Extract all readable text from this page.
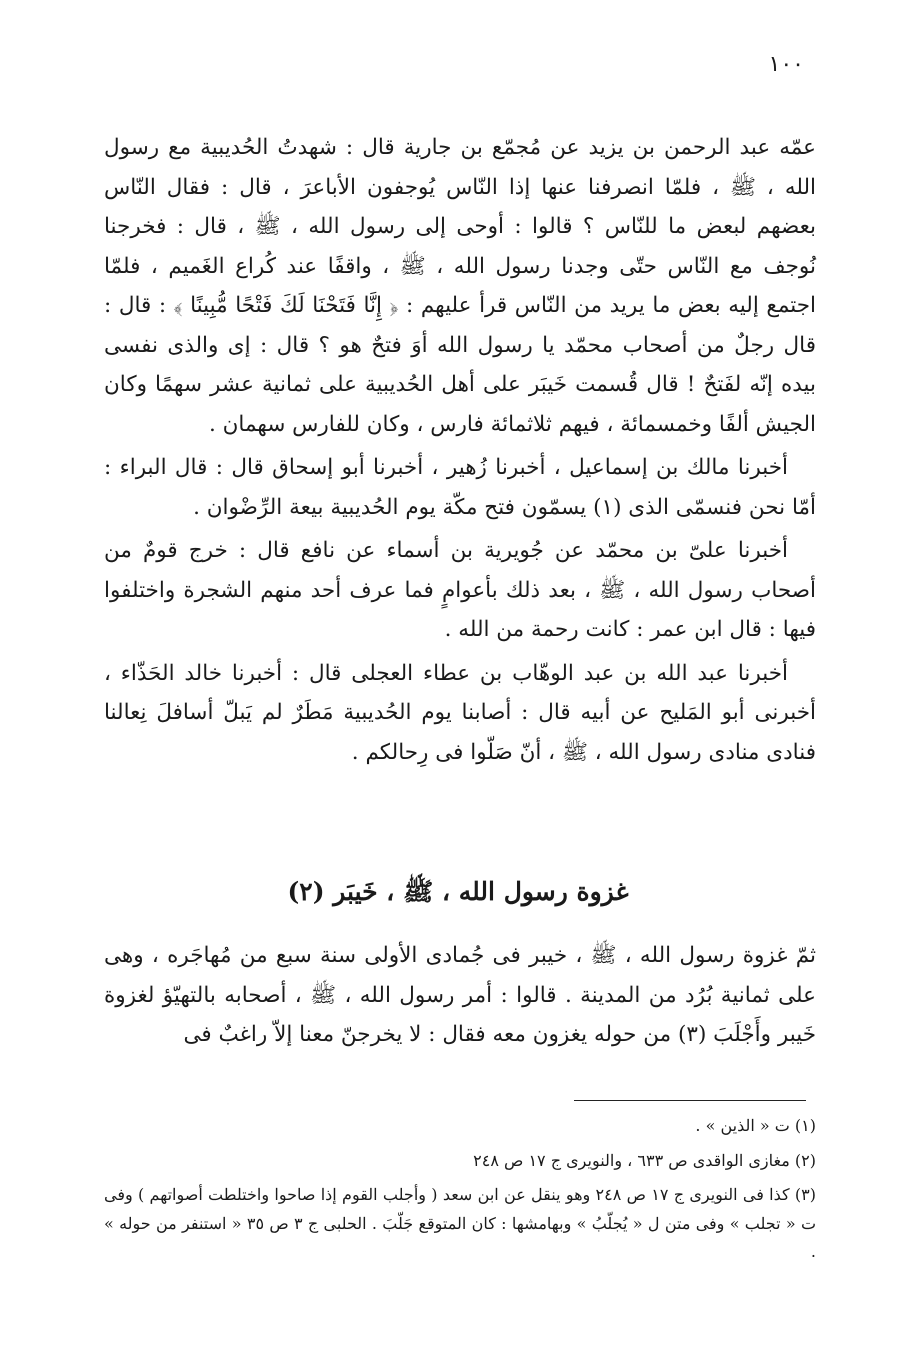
١٠٠

عمّه عبد الرحمن بن يزيد عن مُجمّع بن جارية قال : شهدتُ الحُديبية مع رسول الله ، ﷺ ، فلمّا انصرفنا عنها إذا النّاس يُوجفون الأباعرَ ، قال : فقال النّاس بعضهم لبعض ما للنّاس ؟ قالوا : أوحى إلى رسول الله ، ﷺ ، قال : فخرجنا نُوجف مع النّاس حتّى وجدنا رسول الله ، ﷺ ، واقفًا عند كُراع الغَميم ، فلمّا اجتمع إليه بعض ما يريد من النّاس قرأ عليهم : ﴿ إِنَّا فَتَحْنَا لَكَ فَتْحًا مُّبِينًا ﴾ : قال : قال رجلٌ من أصحاب محمّد يا رسول الله أوَ فتحٌ هو ؟ قال : إى والذى نفسى بيده إنّه لفَتحٌ ! قال قُسمت خَيبَر على أهل الحُديبية على ثمانية عشر سهمًا وكان الجيش ألفًا وخمسمائة ، فيهم ثلاثمائة فارس ، وكان للفارس سهمان .

أخبرنا مالك بن إسماعيل ، أخبرنا زُهير ، أخبرنا أبو إسحاق قال : قال البراء : أمّا نحن فنسمّى الذى (١) يسمّون فتح مكّة يوم الحُديبية بيعة الرِّضْوان .

أخبرنا علىّ بن محمّد عن جُويرية بن أسماء عن نافع قال : خرج قومٌ من أصحاب رسول الله ، ﷺ ، بعد ذلك بأعوامٍ فما عرف أحد منهم الشجرة واختلفوا فيها : قال ابن عمر : كانت رحمة من الله .

أخبرنا عبد الله بن عبد الوهّاب بن عطاء العجلى قال : أخبرنا خالد الحَذّاء ، أخبرنى أبو المَليح عن أبيه قال : أصابنا يوم الحُديبية مَطَرٌ لم يَبلّ أسافلَ نِعالنا فنادى منادى رسول الله ، ﷺ ، أنّ صَلّوا فى رِحالكم .

غزوة رسول الله ، ﷺ ، خَيبَر (٢)
ثمّ غزوة رسول الله ، ﷺ ، خيبر فى جُمادى الأولى سنة سبع من مُهاجَره ، وهى على ثمانية بُرُد من المدينة . قالوا : أمر رسول الله ، ﷺ ، أصحابه بالتهيّؤ لغزوة خَيبر وأَجْلَبَ (٣) من حوله يغزون معه فقال : لا يخرجنّ معنا إلاّ راغبٌ فى

(١) ت « الذين » .

(٢) مغازى الواقدى ص ٦٣٣ ، والنويرى ج ١٧ ص ٢٤٨

(٣) كذا فى النويرى ج ١٧ ص ٢٤٨ وهو ينقل عن ابن سعد ( وأجلب القوم إذا صاحوا واختلطت أصواتهم ) وفى ت « تجلب » وفى متن ل « يُجلّبُ » وبهامشها : كان المتوقع جَلّبَ . الحلبى ج ٣ ص ٣٥ « استنفر من حوله » .
